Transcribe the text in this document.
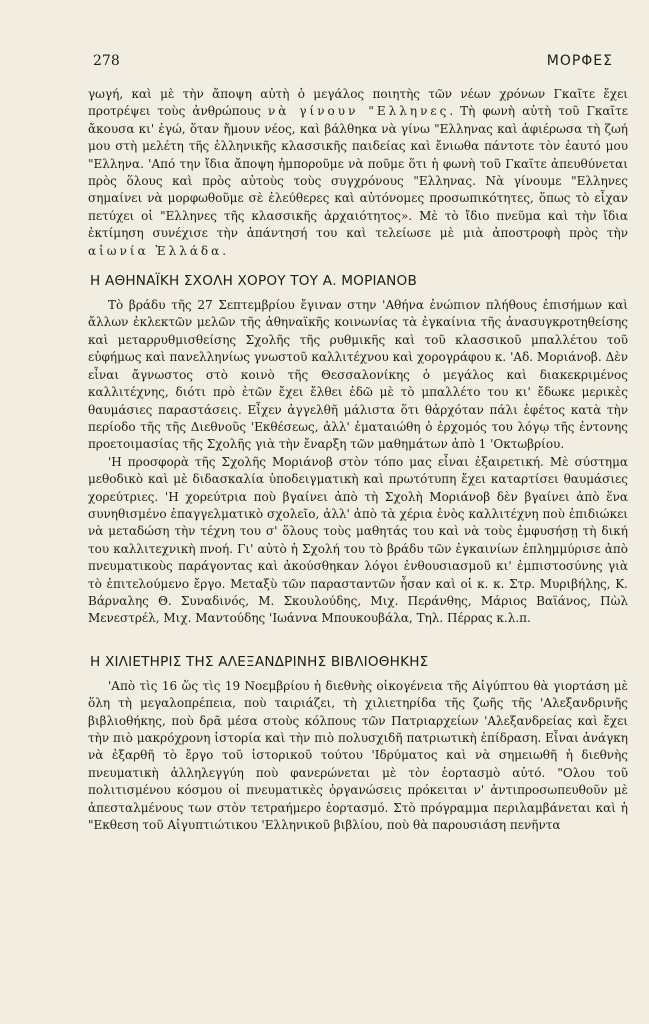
278	ΜΟΡΦΕΣ

γωγή, καὶ μὲ τὴν ἄποψη αὐτὴ ὁ μεγάλος ποιητὴς τῶν νέων χρόνων Γκαῖτε ἔχει προτρέψει τοὺς ἀνθρώπους νὰ γίνουν "Ελληνες. Τὴ φωνὴ αὐτὴ τοῦ Γκαῖτε ἄκουσα κι' ἐγώ, ὅταν ἤμουν νέος, καὶ βάλθηκα νὰ γίνω "Ελληνας καὶ ἀφιέρωσα τὴ ζωή μου στὴ μελέτη τῆς ἑλληνικῆς κλασσικῆς παιδείας καὶ ἔνιωθα πάντοτε τὸν ἑαυτό μου "Ελληνα. 'Από την ἴδια ἄποψη ἠμποροῦμε νὰ ποῦμε ὅτι ἡ φωνὴ τοῦ Γκαῖτε ἀπευθύνεται πρὸς ὅλους καὶ πρὸς αὐτοὺς τοὺς συγχρόνους "Ελληνας. Νὰ γίνουμε "Ελληνες σημαίνει νὰ μορφωθοῦμε σὲ ἐλεύθερες καὶ αὐτόνομες προσωπικότητες, ὅπως τὸ εἶχαν πετύχει οἱ "Ελληνες τῆς κλασσικῆς ἀρχαιότητος». Μὲ τὸ ἴδιο πνεῦμα καὶ τὴν ἴδια ἐκτίμηση συνέχισε τὴν ἀπάντησή του καὶ τελείωσε μὲ μιὰ ἀποστροφὴ πρὸς τὴν αἰωνία Ἑλλάδα.

Η ΑΘΗΝΑΪΚΗ ΣΧΟΛΗ ΧΟΡΟΥ ΤΟΥ Α. ΜΟΡΙΑΝΟΒ

Τὸ βράδυ τῆς 27 Σεπτεμβρίου ἔγιναν στην 'Αθήνα ἐνώπιον πλήθους ἐπισήμων καὶ ἄλλων ἐκλεκτῶν μελῶν τῆς ἀθηναϊκῆς κοινωνίας τὰ ἐγκαίνια τῆς ἀνασυγκροτηθείσης καὶ μεταρρυθμισθείσης Σχολῆς τῆς ρυθμικῆς καὶ τοῦ κλασσικοῦ μπαλλέτου τοῦ εὐφήμως καὶ πανελληνίως γνωστοῦ καλλιτέχνου καὶ χορογράφου κ. 'Αδ. Μοριάνοβ. Δὲν εἶναι ἄγνωστος στὸ κοινὸ τῆς Θεσσαλονίκης ὁ μεγάλος καὶ διακεκριμένος καλλιτέχνης, διότι πρὸ ἐτῶν ἔχει ἔλθει ἐδῶ μὲ τὸ μπαλλέτο του κι' ἔδωκε μερικὲς θαυμάσιες παραστάσεις. Εἶχεν ἀγγελθῆ μάλιστα ὅτι θἀρχόταν πάλι ἐφέτος κατὰ τὴν περίοδο τῆς τῆς Διεθνοῦς 'Εκθέσεως, ἀλλ' ἐματαιώθη ὁ ἐρχομός του λόγῳ τῆς ἐντονης προετοιμασίας τῆς Σχολῆς γιὰ τὴν ἔναρξη τῶν μαθημάτων ἀπὸ 1 'Οκτωβρίου.

'Η προσφορὰ τῆς Σχολῆς Μοριάνοβ στὸν τόπο μας εἶναι ἐξαιρετική. Μὲ σύστημα μεθοδικὸ καὶ μὲ διδασκαλία ὑποδειγματικὴ καὶ πρωτότυπη ἔχει καταρτίσει θαυμάσιες χορεύτριες. 'Η χορεύτρια ποὺ βγαίνει ἀπὸ τὴ Σχολὴ Μοριάνοβ δὲν βγαίνει ἀπὸ ἕνα συνηθισμένο ἐπαγγελματικὸ σχολεῖο, ἀλλ' ἀπὸ τὰ χέρια ἑνὸς καλλιτέχνη ποὺ ἐπιδιώκει νὰ μεταδώση τὴν τέχνη του σ' ὅλους τοὺς μαθητάς του καὶ νὰ τοὺς ἐμφυσήσῃ τὴ δική του καλλιτεχνικὴ πνοή. Γι' αὐτὸ ἡ Σχολή του τὸ βράδυ τῶν ἐγκαινίων ἐπλημμύρισε ἀπὸ πνευματικοὺς παράγοντας καὶ ἀκούσθηκαν λόγοι ἐνθουσιασμοῦ κι' ἐμπιστοσύνης γιὰ τὸ ἐπιτελούμενο ἔργο. Μεταξὺ τῶν παρασταντῶν ἦσαν καὶ οἱ κ. κ. Στρ. Μυριβήλης, Κ. Βάρναλης Θ. Συναδινός, Μ. Σκουλούδης, Μιχ. Περάνθης, Μάριος Βαϊάνος, Πὼλ Μενεστρέλ, Μιχ. Μαντούδης 'Ιωάννα Μπουκουβάλα, Τηλ. Πέρρας κ.λ.π.

Η ΧΙΛΙΕΤΗΡΙΣ ΤΗΣ ΑΛΕΞΑΝΔΡΙΝΗΣ ΒΙΒΛΙΟΘΗΚΗΣ

'Απὸ τὶς 16 ὥς τὶς 19 Νοεμβρίου ἡ διεθνὴς οἰκογένεια τῆς Αἰγύπτου θὰ γιορτάση μὲ ὅλη τὴ μεγαλοπρέπεια, ποὺ ταιριάζει, τὴ χιλιετηρίδα τῆς ζωῆς τῆς 'Αλεξανδρινῆς βιβλιοθήκης, ποὺ δρᾶ μέσα στοὺς κόλπους τῶν Πατριαρχείων 'Αλεξανδρείας καὶ ἔχει τὴν πιὸ μακρόχρονη ἱστορία καὶ τὴν πιὸ πολυσχιδῆ πατριωτικὴ ἐπίδραση. Εἶναι ἀνάγκη νὰ ἐξαρθῆ τὸ ἔργο τοῦ ἱστορικοῦ τούτου 'Ιδρύματος καὶ νὰ σημειωθῆ ἡ διεθνὴς πνευματικὴ ἀλληλεγγύη ποὺ φανερώνεται μὲ τὸν ἑορτασμὸ αὐτό. "Ολου τοῦ πολιτισμένου κόσμου οἱ πνευματικὲς ὀργανώσεις πρόκειται ν' ἀντιπροσωπευθοῦν μὲ ἀπεσταλμένους των στὸν τετραήμερο ἑορτασμό. Στὸ πρόγραμμα περιλαμβάνεται καὶ ἡ "Εκθεση τοῦ Αἰγυπτιώτικου 'Ελληνικοῦ βιβλίου, ποὺ θὰ παρουσιάση πενῆντα
